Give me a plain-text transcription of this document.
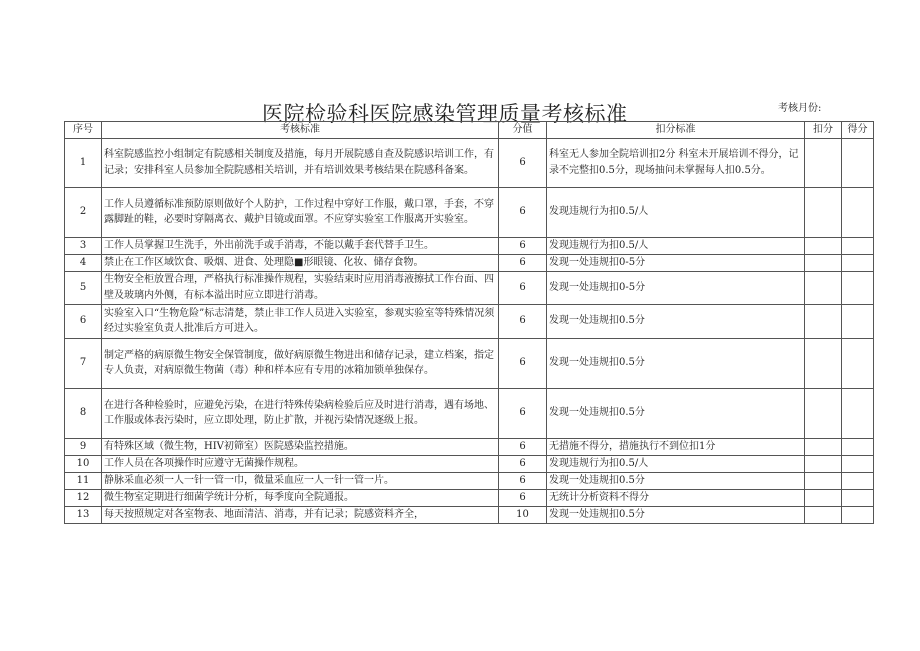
医院检验科医院感染管理质量考核标准	考核月份:
序号	考核标准	分值	扣分标准	扣分	得分
1	科室院感监控小组制定有院感相关制度及措施，每月开展院感自查及院感识培训工作，有记录；安排科室人员参加全院院感相关培训，并有培训效果考核结果在院感科备案。	6	科室无人参加全院培训扣2分 科室未开展培训不得分，记录不完整扣0.5分，现场抽问未掌握每人扣0.5分。		
2	工作人员遵循标准预防原则做好个人防护，工作过程中穿好工作服，戴口罩，手套，不穿露脚趾的鞋，必要时穿隔离衣、戴护目镜或面罩。不应穿实验室工作服离开实验室。	6	发现违规行为扣0.5/人		
3	工作人员掌握卫生洗手，外出前洗手或手消毒，不能以戴手套代替手卫生。	6	发现违规行为扣0.5/人		
4	禁止在工作区域饮食、吸烟、进食、处理隐■形眼镜、化妆、储存食物。	6	发现一处违规扣0-5分		
5	生物安全柜放置合理，严格执行标准操作规程，实验结束时应用消毒液擦拭工作台面、四壁及玻璃内外侧，有标本溢出时应立即进行消毒。	6	发现一处违规扣0-5分		
6	实验室入口“生物危险”标志清楚，禁止非工作人员进入实验室，参观实验室等特殊情况须经过实验室负责人批准后方可进入。	6	发现一处违规扣0.5分		
7	制定严格的病原微生物安全保管制度，做好病原微生物进出和储存记录，建立档案，指定专人负责，对病原微生物菌（毒）种和样本应有专用的冰箱加锁单独保存。	6	发现一处违规扣0.5分		
8	在进行各种检验时，应避免污染，在进行特殊传染病检验后应及时进行消毒，遇有场地、工作服或体表污染时，应立即处理，防止扩散，并视污染情况逐级上报。	6	发现一处违规扣0.5分		
9	有特殊区域（微生物，HIV初筛室）医院感染监控措施。	6	无措施不得分，措施执行不到位扣1分		
10	工作人员在各项操作时应遵守无菌操作规程。	6	发现违规行为扣0.5/人		
11	静脉采血必须一人一针一管一巾，微量采血应一人一针一管一片。	6	发现一处违规扣0.5分		
12	微生物室定期进行细菌学统计分析，每季度向全院通报。	6	无统计分析资料不得分		
13	每天按照规定对各室物表、地面清洁、消毒，并有记录；院感资料齐全，	10	发现一处违规扣0.5分		
